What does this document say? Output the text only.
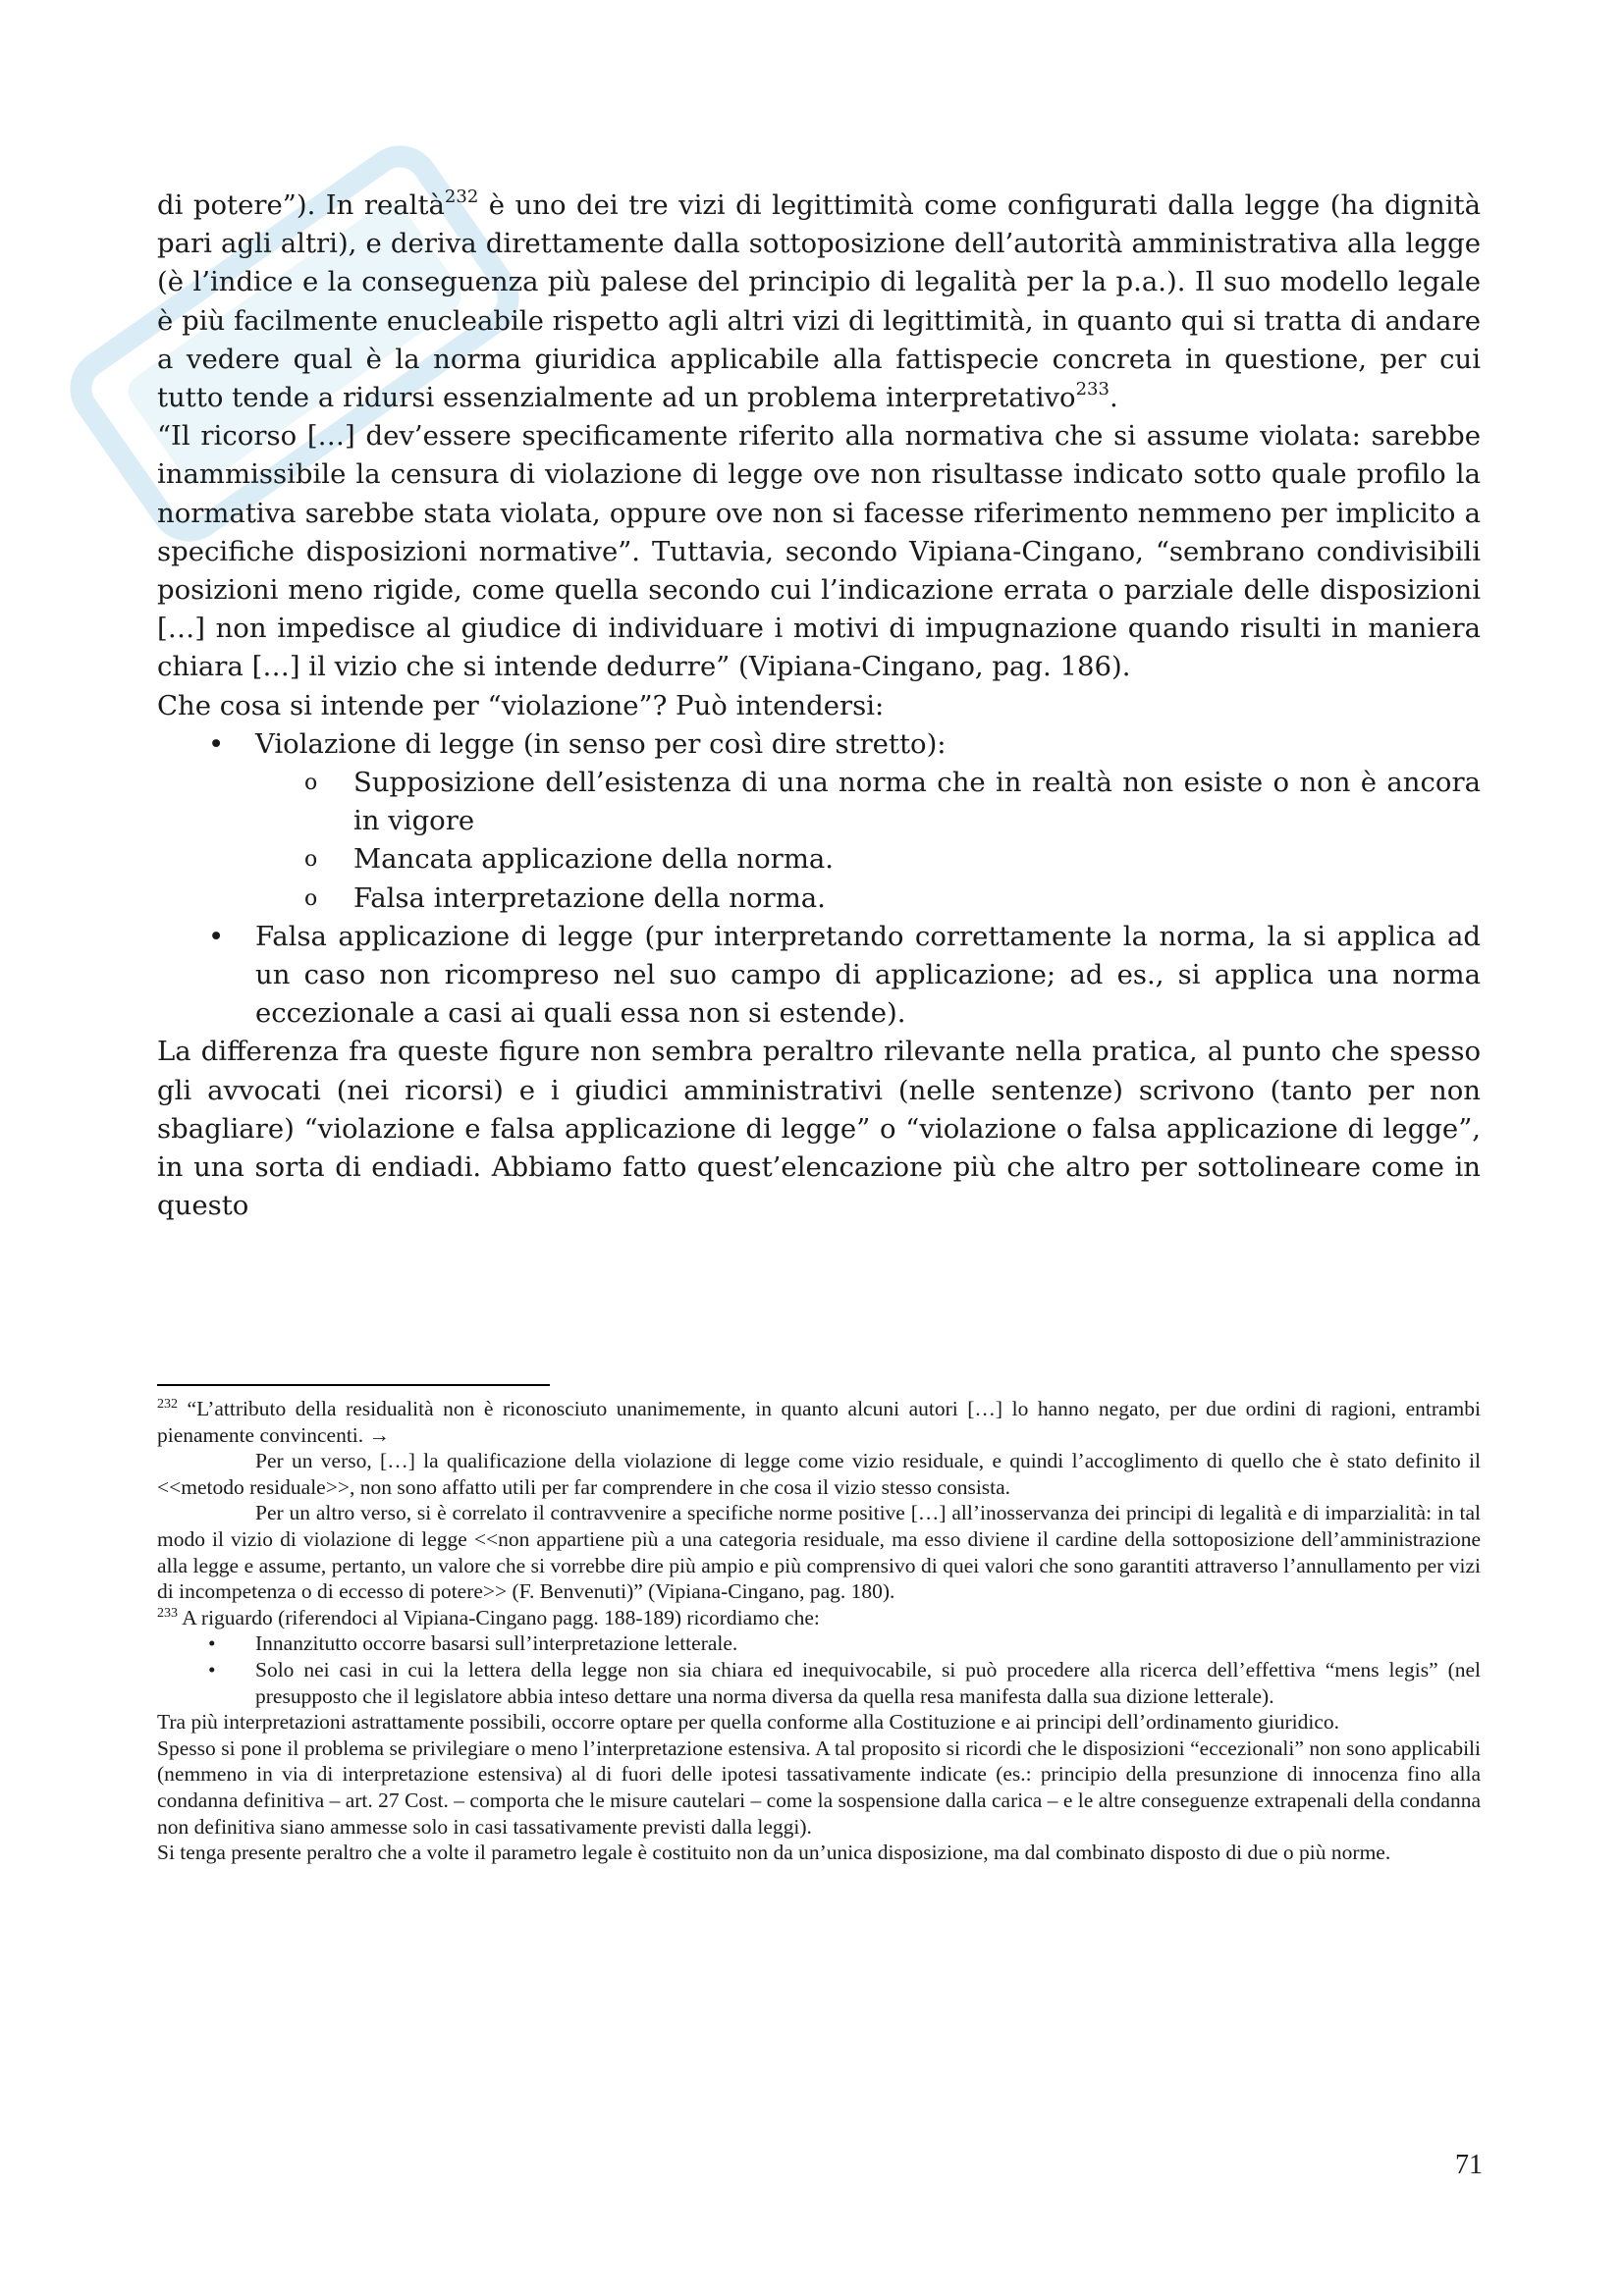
di potere”). In realtà$^{232}$ è uno dei tre vizi di legittimità come configurati dalla legge (ha dignità pari agli altri), e deriva direttamente dalla sottoposizione dell’autorità amministrativa alla legge (è l’indice e la conseguenza più palese del principio di legalità per la p.a.). Il suo modello legale è più facilmente enucleabile rispetto agli altri vizi di legittimità, in quanto qui si tratta di andare a vedere qual è la norma giuridica applicabile alla fattispecie concreta in questione, per cui tutto tende a ridursi essenzialmente ad un problema interpretativo$^{233}$.

“Il ricorso […] dev’essere specificamente riferito alla normativa che si assume violata: sarebbe inammissibile la censura di violazione di legge ove non risultasse indicato sotto quale profilo la normativa sarebbe stata violata, oppure ove non si facesse riferimento nemmeno per implicito a specifiche disposizioni normative”. Tuttavia, secondo Vipiana-Cingano, “sembrano condivisibili posizioni meno rigide, come quella secondo cui l’indicazione errata o parziale delle disposizioni […] non impedisce al giudice di individuare i motivi di impugnazione quando risulti in maniera chiara […] il vizio che si intende dedurre” (Vipiana-Cingano, pag. 186).

Che cosa si intende per “violazione”? Può intendersi:

• Violazione di legge (in senso per così dire stretto):
o Supposizione dell’esistenza di una norma che in realtà non esiste o non è ancora in vigore
o Mancata applicazione della norma.
o Falsa interpretazione della norma.
• Falsa applicazione di legge (pur interpretando correttamente la norma, la si applica ad un caso non ricompreso nel suo campo di applicazione; ad es., si applica una norma eccezionale a casi ai quali essa non si estende).

La differenza fra queste figure non sembra peraltro rilevante nella pratica, al punto che spesso gli avvocati (nei ricorsi) e i giudici amministrativi (nelle sentenze) scrivono (tanto per non sbagliare) “violazione e falsa applicazione di legge” o “violazione o falsa applicazione di legge”, in una sorta di endiadi. Abbiamo fatto quest’elencazione più che altro per sottolineare come in questo

$^{232}$ “L’attributo della residualità non è riconosciuto unanimemente, in quanto alcuni autori […] lo hanno negato, per due ordini di ragioni, entrambi pienamente convincenti. →

Per un verso, […] la qualificazione della violazione di legge come vizio residuale, e quindi l’accoglimento di quello che è stato definito il <<metodo residuale>>, non sono affatto utili per far comprendere in che cosa il vizio stesso consista.

Per un altro verso, si è correlato il contravvenire a specifiche norme positive […] all’inosservanza dei principi di legalità e di imparzialità: in tal modo il vizio di violazione di legge <<non appartiene più a una categoria residuale, ma esso diviene il cardine della sottoposizione dell’amministrazione alla legge e assume, pertanto, un valore che si vorrebbe dire più ampio e più comprensivo di quei valori che sono garantiti attraverso l’annullamento per vizi di incompetenza o di eccesso di potere>> (F. Benvenuti)” (Vipiana-Cingano, pag. 180).

$^{233}$ A riguardo (riferendoci al Vipiana-Cingano pagg. 188-189) ricordiamo che:

• Innanzitutto occorre basarsi sull’interpretazione letterale.
• Solo nei casi in cui la lettera della legge non sia chiara ed inequivocabile, si può procedere alla ricerca dell’effettiva “mens legis” (nel presupposto che il legislatore abbia inteso dettare una norma diversa da quella resa manifesta dalla sua dizione letterale).

Tra più interpretazioni astrattamente possibili, occorre optare per quella conforme alla Costituzione e ai principi dell’ordinamento giuridico.

Spesso si pone il problema se privilegiare o meno l’interpretazione estensiva. A tal proposito si ricordi che le disposizioni “eccezionali” non sono applicabili (nemmeno in via di interpretazione estensiva) al di fuori delle ipotesi tassativamente indicate (es.: principio della presunzione di innocenza fino alla condanna definitiva – art. 27 Cost. – comporta che le misure cautelari – come la sospensione dalla carica – e le altre conseguenze extrapenali della condanna non definitiva siano ammesse solo in casi tassativamente previsti dalla leggi).

Si tenga presente peraltro che a volte il parametro legale è costituito non da un’unica disposizione, ma dal combinato disposto di due o più norme.

71
